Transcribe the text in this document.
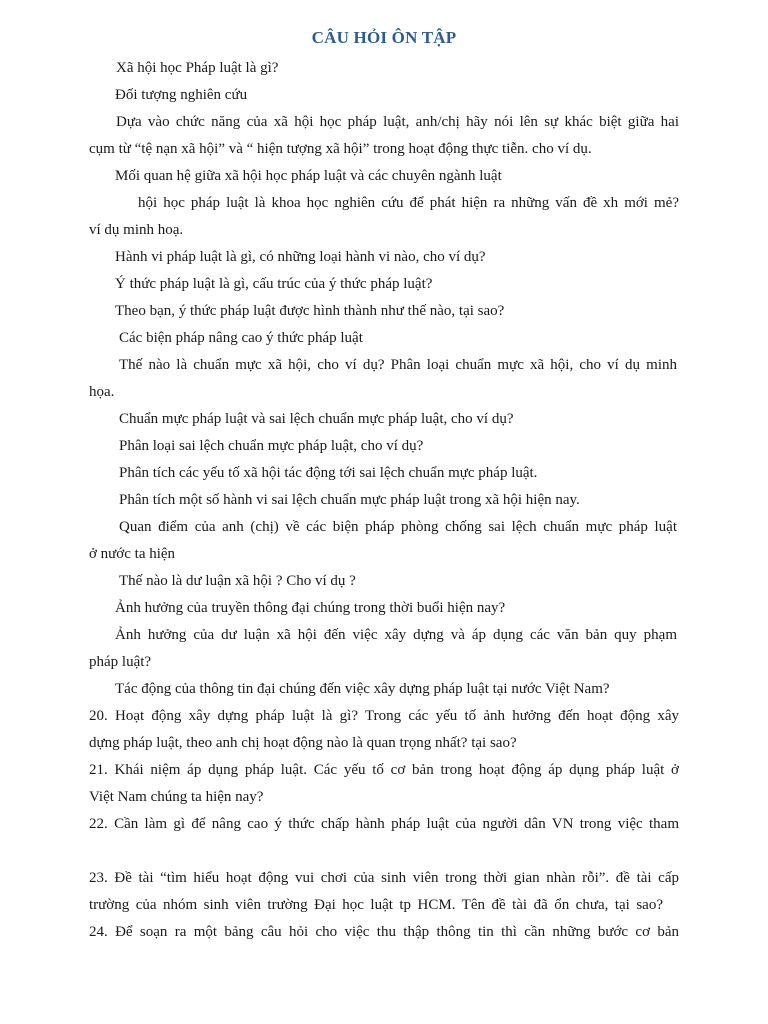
CÂU HỎI ÔN TẬP
Xã hội học Pháp luật là gì?
Đối tượng nghiên cứu
Dựa vào chức năng của xã hội học pháp luật, anh/chị hãy nói lên sự khác biệt giữa hai
cụm từ “tệ nạn xã hội” và “ hiện tượng xã hội” trong hoạt động thực tiễn. cho ví dụ.
Mối quan hệ giữa xã hội học pháp luật và các chuyên ngành luật
hội học pháp luật là khoa học nghiên cứu để phát hiện ra những vấn đề xh mới mẻ?
ví dụ minh hoạ.
Hành vi pháp luật là gì, có những loại hành vi nào, cho ví dụ?
Ý thức pháp luật là gì, cấu trúc của ý thức pháp luật?
Theo bạn, ý thức pháp luật được hình thành như thế nào, tại sao?
Các biện pháp nâng cao ý thức pháp luật
Thế nào là chuẩn mực xã hội, cho ví dụ? Phân loại chuẩn mực xã hội, cho ví dụ minh
họa.
Chuẩn mực pháp luật và sai lệch chuẩn mực pháp luật, cho ví dụ?
Phân loại sai lệch chuẩn mực pháp luật, cho ví dụ?
Phân tích các yếu tố xã hội tác động tới sai lệch chuẩn mực pháp luật.
Phân tích một số hành vi sai lệch chuẩn mực pháp luật trong xã hội hiện nay.
Quan điểm của anh (chị) về các biện pháp phòng chống sai lệch chuẩn mực pháp luật
ở nước ta hiện
Thế nào là dư luận xã hội ? Cho ví dụ ?
Ảnh hưởng của truyền thông đại chúng trong thời buổi hiện nay?
Ảnh hưởng của dư luận xã hội đến việc xây dựng và áp dụng các văn bản quy phạm
pháp luật?
Tác động của thông tin đại chúng đến việc xây dựng pháp luật tại nước Việt Nam?
20. Hoạt động xây dựng pháp luật là gì? Trong các yếu tố ảnh hưởng đến hoạt động xây
dựng pháp luật, theo anh chị hoạt động nào là quan trọng nhất? tại sao?
21. Khái niệm áp dụng pháp luật. Các yếu tố cơ bản trong hoạt động áp dụng pháp luật ở
Việt Nam chúng ta hiện nay?
22. Cần làm gì để nâng cao ý thức chấp hành pháp luật của người dân VN trong việc tham
23. Đề tài “tìm hiểu hoạt động vui chơi của sinh viên trong thời gian nhàn rỗi”. đề tài cấp
trường của nhóm sinh viên trường Đại học luật tp HCM. Tên đề tài đã ổn chưa, tại sao?
24. Để soạn ra một bảng câu hỏi cho việc thu thập thông tin thì cần những bước cơ bản
